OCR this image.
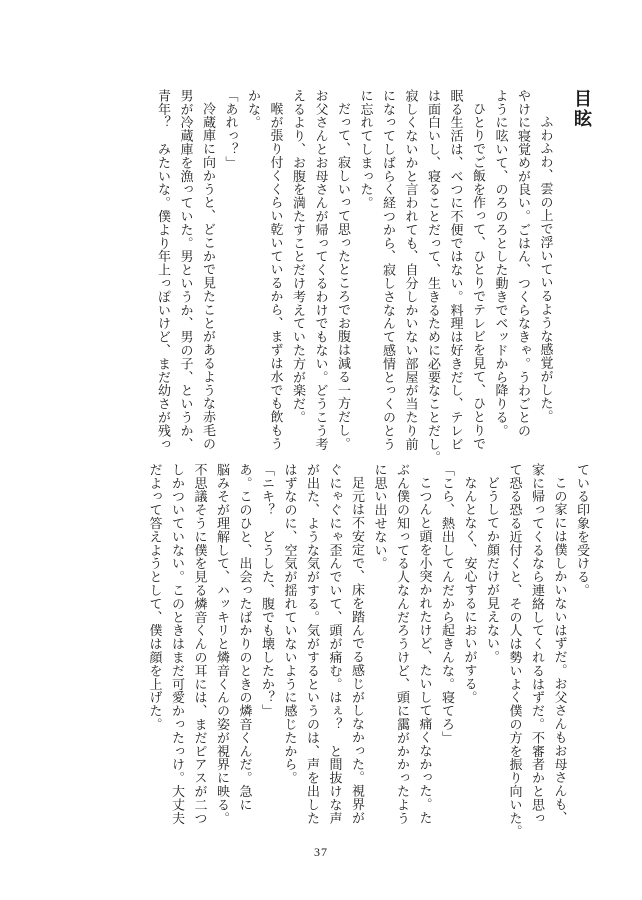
目眩

ふわふわ、雲の上で浮いているような感覚がした。

やけに寝覚めが良い。ごはん、つくらなきゃ。うわごとの

ように呟いて、のろのろとした動きでベッドから降りる。

ひとりでご飯を作って、ひとりでテレビを見て、ひとりで

眠る生活は、べつに不便ではない。料理は好きだし、テレビ

は面白いし、寝ることだって、生きるために必要なことだし。

寂しくないかと言われても、自分しかいない部屋が当たり前

になってしばらく経つから、寂しさなんて感情とっくのとう

に忘れてしまった。

だって、寂しいって思ったところでお腹は減る一方だし。

お父さんとお母さんが帰ってくるわけでもない。どうこう考

えるより、お腹を満たすことだけ考えていた方が楽だ。

喉が張り付くくらい乾いているから、まずは水でも飲もう

かな。

「あれっ？」

冷蔵庫に向かうと、どこかで見たことがあるような赤毛の

男が冷蔵庫を漁っていた。男というか、男の子、というか、

青年？　みたいな。僕より年上っぽいけど、まだ幼さが残っ

ている印象を受ける。

この家には僕しかいないはずだ。お父さんもお母さんも、

家に帰ってくるなら連絡してくれるはずだ。不審者かと思っ

て恐る恐る近付くと、その人は勢いよく僕の方を振り向いた。

どうしてか顔だけが見えない。

なんとなく、安心するにおいがする。

「こら、熱出してんだから起きんな。寝てろ」

こつんと頭を小突かれたけど、たいして痛くなかった。た

ぶん僕の知ってる人なんだろうけど、頭に靄がかかったよう

に思い出せない。

足元は不安定で、床を踏んでる感じがしなかった。視界が

ぐにゃぐにゃ歪んでいて、頭が痛む。はぇ？　と間抜けな声

が出た、ような気がする。気がするというのは、声を出した

はずなのに、空気が揺れていないように感じたから。

「ニキ？　どうした、腹でも壊したか？」

あ。このひと、出会ったばかりのときの燐音くんだ。急に

脳みそが理解して、ハッキリと燐音くんの姿が視界に映る。

不思議そうに僕を見る燐音くんの耳には、まだピアスが二つ

しかついていない。このときはまだ可愛かったっけ。大丈夫

だよって答えようとして、僕は顔を上げた。

37
